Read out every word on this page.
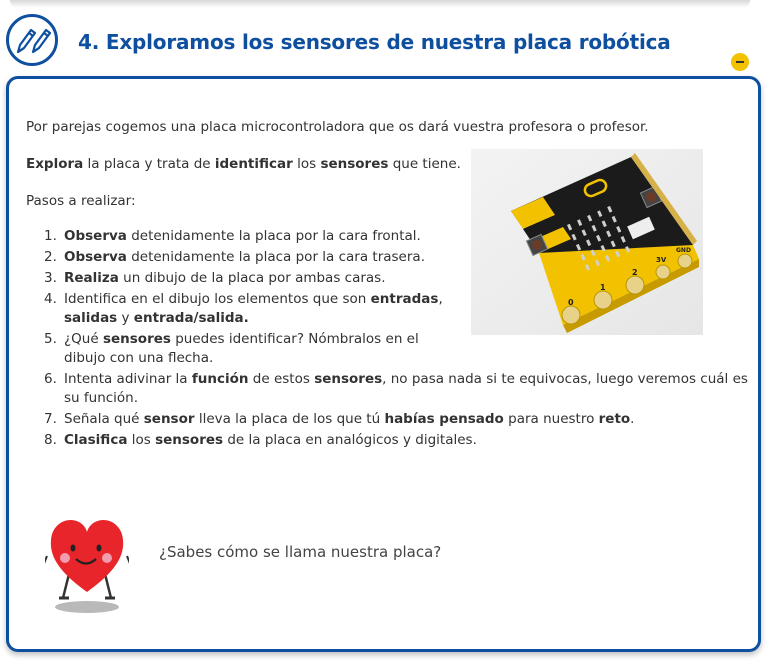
4. Exploramos los sensores de nuestra placa robótica

Por parejas cogemos una placa microcontroladora que os dará vuestra profesora o profesor.

Explora la placa y trata de identificar los sensores que tiene.

Pasos a realizar:

Observa detenidamente la placa por la cara frontal.
Observa detenidamente la placa por la cara trasera.
Realiza un dibujo de la placa por ambas caras.
Identifica en el dibujo los elementos que son entradas, salidas y entrada/salida.
¿Qué sensores puedes identificar? Nómbralos en el dibujo con una flecha.
Intenta adivinar la función de estos sensores, no pasa nada si te equivocas, luego veremos cuál es su función.
Señala qué sensor lleva la placa de los que tú habías pensado para nuestro reto.
Clasifica los sensores de la placa en analógicos y digitales.
0
1
2
3V
GND

¿Sabes cómo se llama nuestra placa?
